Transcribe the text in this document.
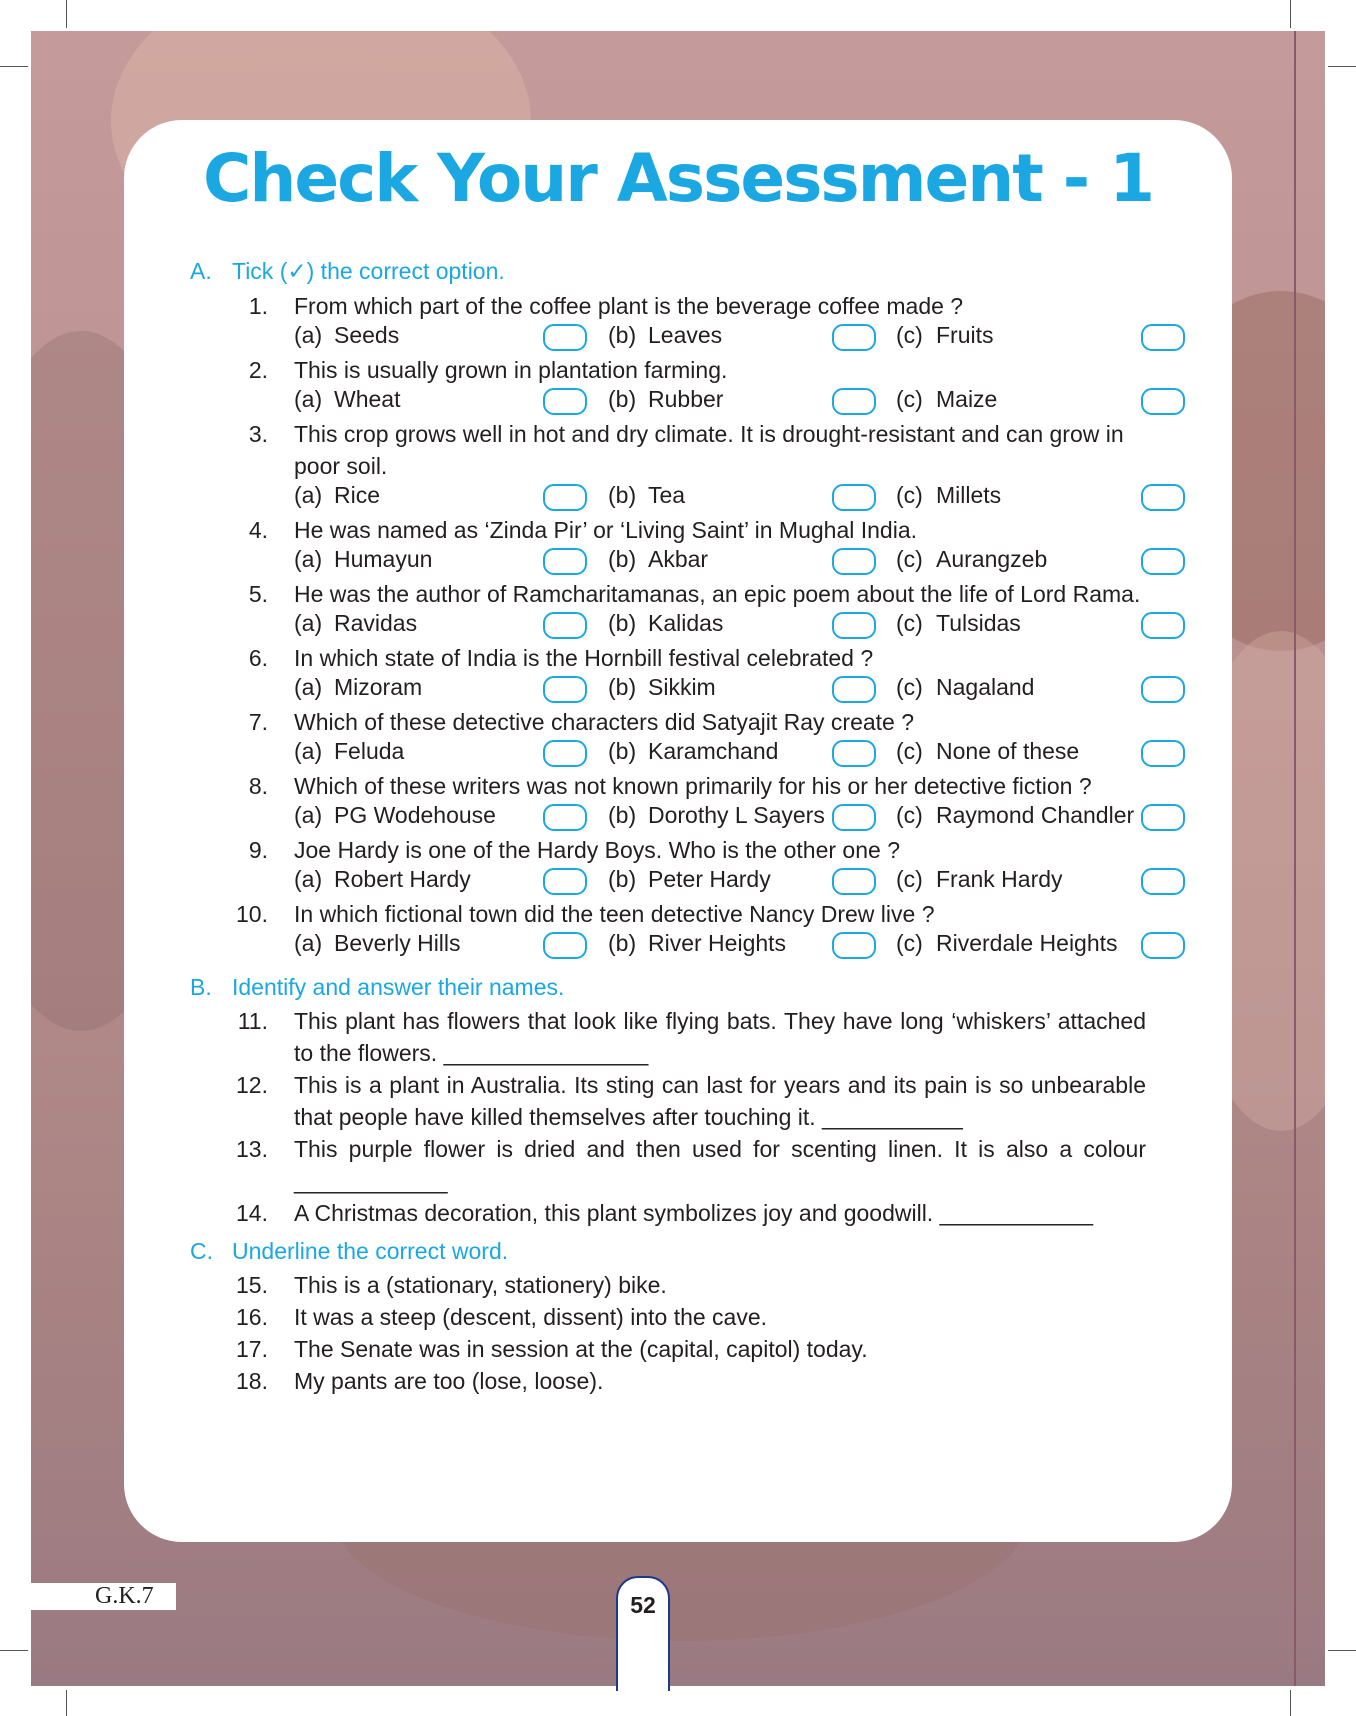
Check Your Assessment - 1
A. Tick (✓) the correct option.
1. From which part of the coffee plant is the beverage coffee made ?
(a) Seeds	(b) Leaves	(c) Fruits
2. This is usually grown in plantation farming.
(a) Wheat	(b) Rubber	(c) Maize
3. This crop grows well in hot and dry climate. It is drought-resistant and can grow in poor soil.
(a) Rice	(b) Tea	(c) Millets
4. He was named as ‘Zinda Pir’ or ‘Living Saint’ in Mughal India.
(a) Humayun	(b) Akbar	(c) Aurangzeb
5. He was the author of Ramcharitamanas, an epic poem about the life of Lord Rama.
(a) Ravidas	(b) Kalidas	(c) Tulsidas
6. In which state of India is the Hornbill festival celebrated ?
(a) Mizoram	(b) Sikkim	(c) Nagaland
7. Which of these detective characters did Satyajit Ray create ?
(a) Feluda	(b) Karamchand	(c) None of these
8. Which of these writers was not known primarily for his or her detective fiction ?
(a) PG Wodehouse	(b) Dorothy L Sayers	(c) Raymond Chandler
9. Joe Hardy is one of the Hardy Boys. Who is the other one ?
(a) Robert Hardy	(b) Peter Hardy	(c) Frank Hardy
10. In which fictional town did the teen detective Nancy Drew live ?
(a) Beverly Hills	(b) River Heights	(c) Riverdale Heights
B. Identify and answer their names.
11. This plant has flowers that look like flying bats. They have long ‘whiskers’ attached to the flowers. ________________
12. This is a plant in Australia. Its sting can last for years and its pain is so unbearable that people have killed themselves after touching it. ___________
13. This purple flower is dried and then used for scenting linen. It is also a colour ____________
14. A Christmas decoration, this plant symbolizes joy and goodwill. ____________
C. Underline the correct word.
15. This is a (stationary, stationery) bike.
16. It was a steep (descent, dissent) into the cave.
17. The Senate was in session at the (capital, capitol) today.
18. My pants are too (lose, loose).
G.K.7	52
